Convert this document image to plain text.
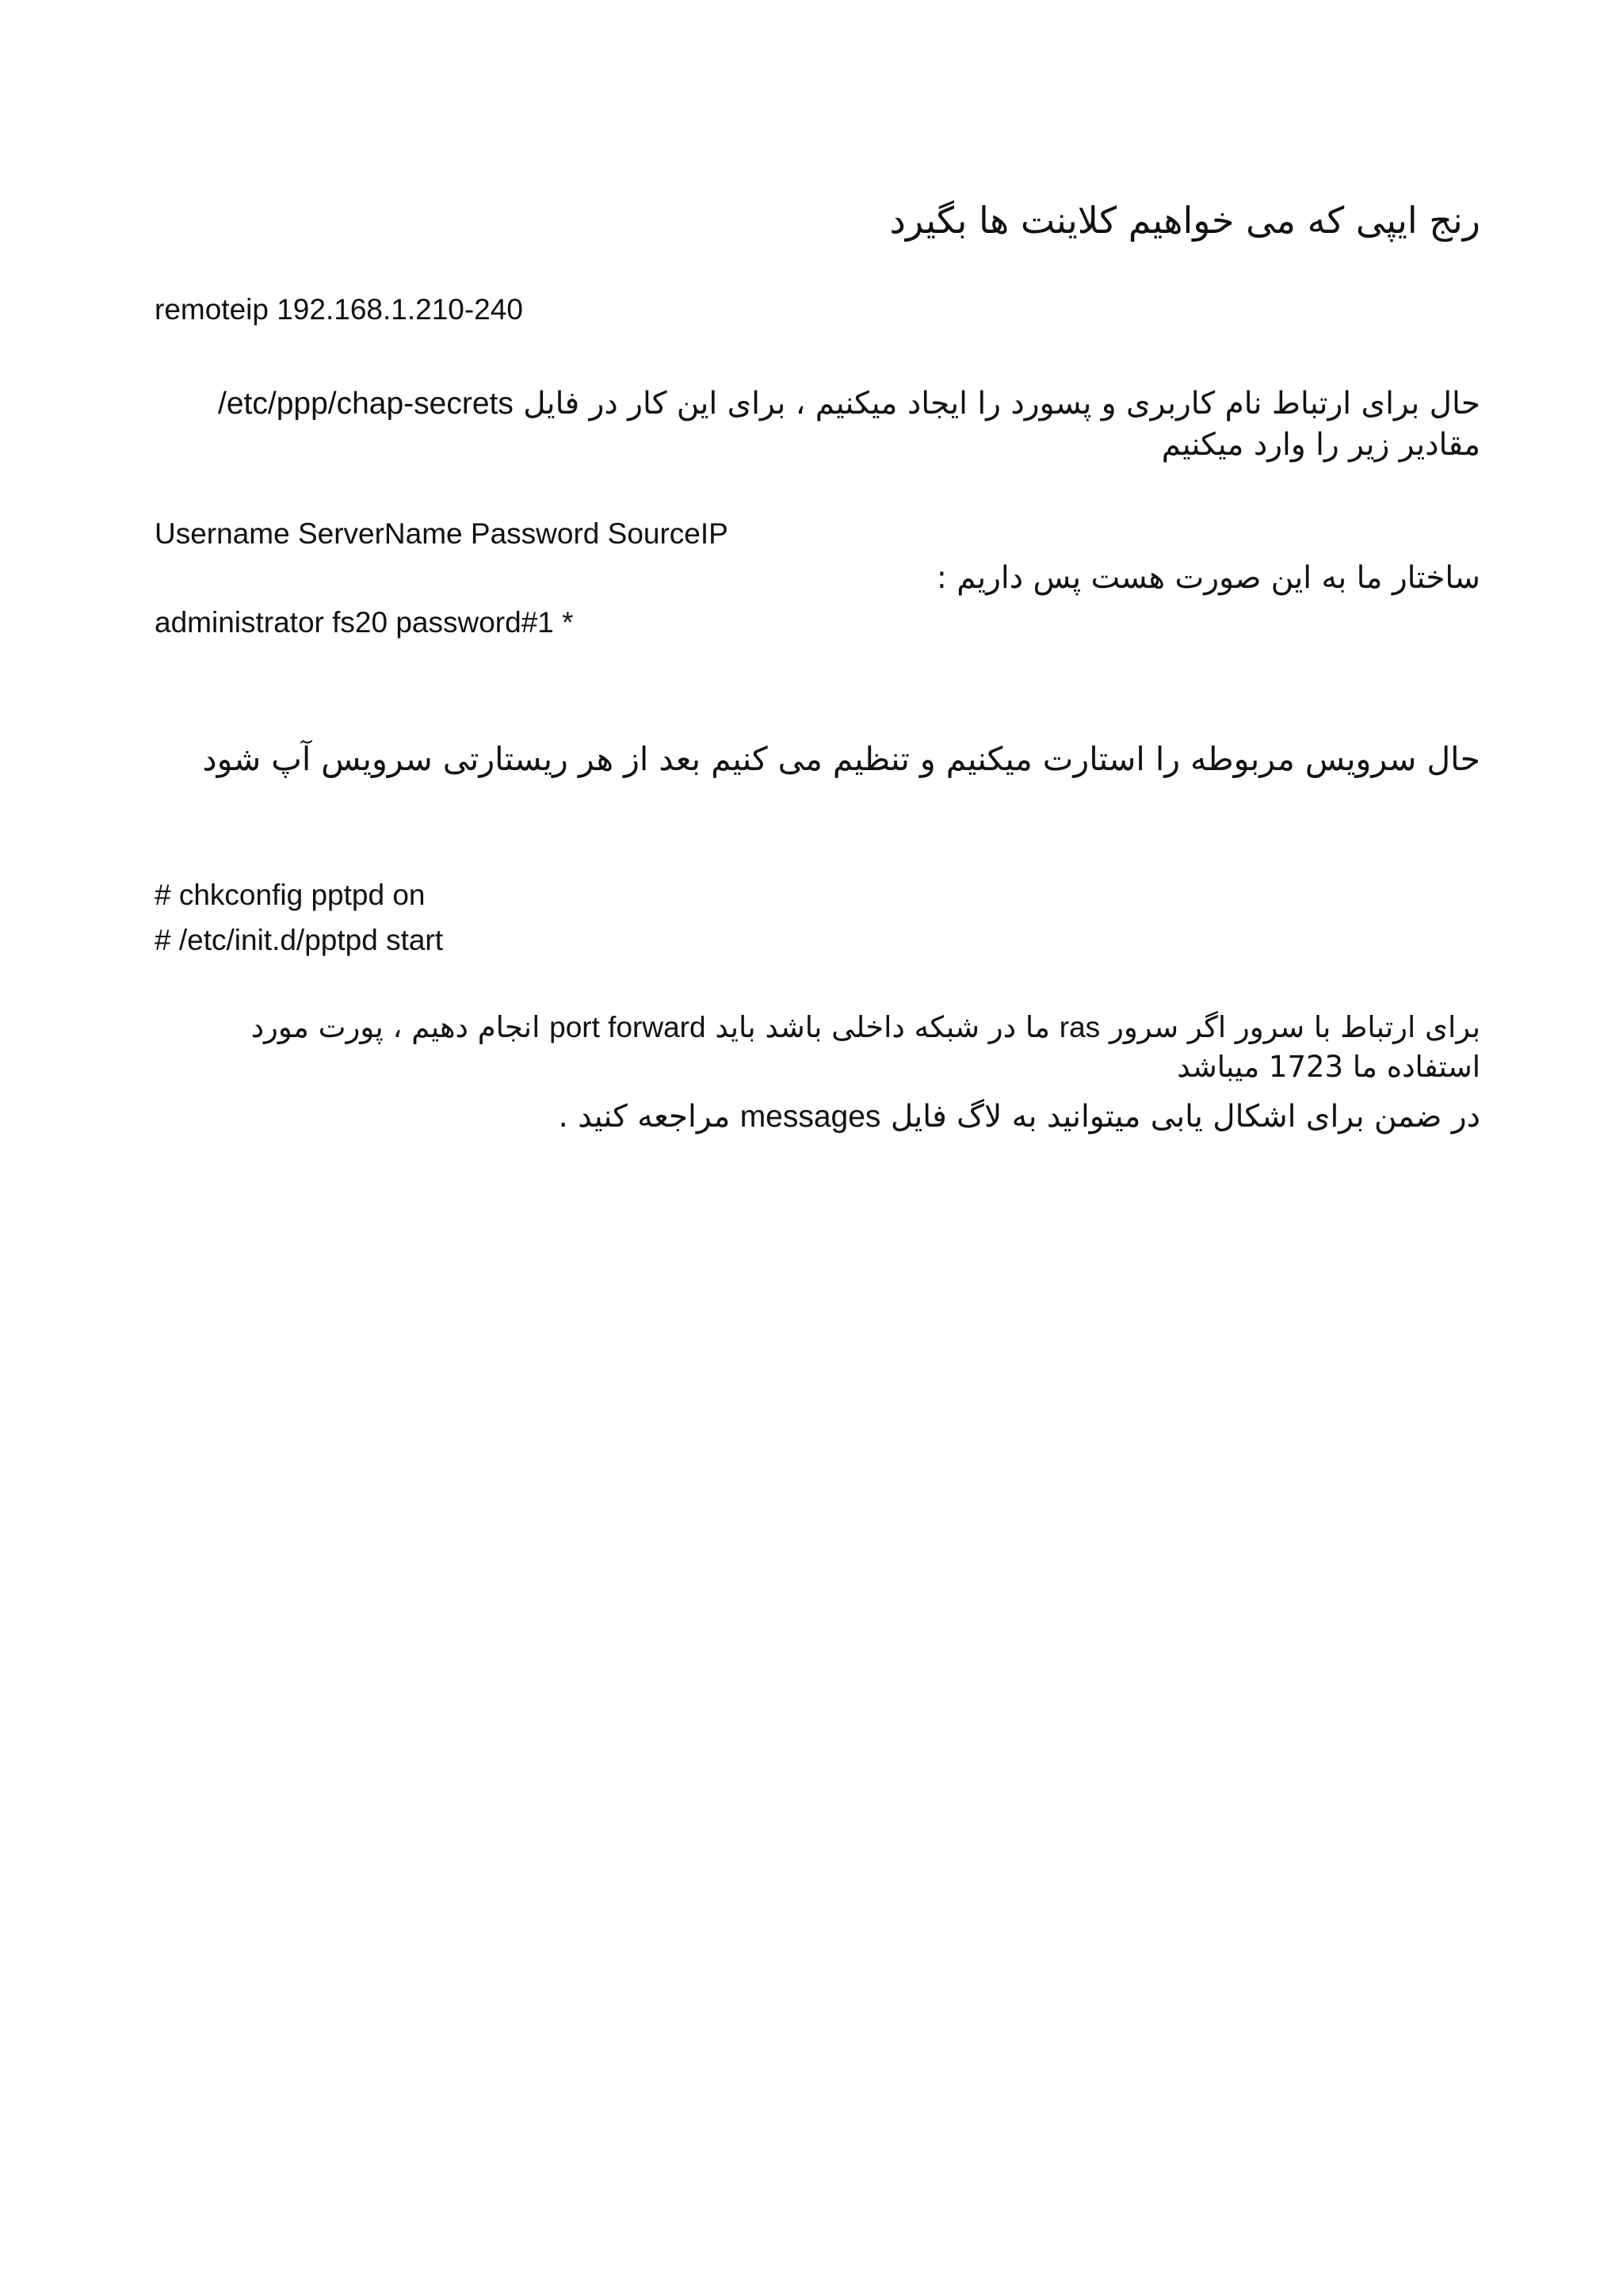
رنج ایپی که می خواهیم کلاینت ها بگیرد
remoteip 192.168.1.210-240
حال برای ارتباط نام کاربری و پسورد را ایجاد میکنیم ، برای این کار در فایل /etc/ppp/chap-secrets مقادیر زیر را وارد میکنیم
Username ServerName Password SourceIP
ساختار ما به این صورت هست پس داریم :
administrator fs20 password#1 *
حال سرویس مربوطه را استارت میکنیم و تنظیم می کنیم بعد از هر ریستارتی سرویس آپ شود
# chkconfig pptpd on
# /etc/init.d/pptpd start
برای ارتباط با سرور اگر سرور ras ما در شبکه داخلی باشد باید port forward انجام دهیم ، پورت مورد استفاده ما 1723 میباشد
در ضمن برای اشکال یابی میتوانید به لاگ فایل messages مراجعه کنید .
